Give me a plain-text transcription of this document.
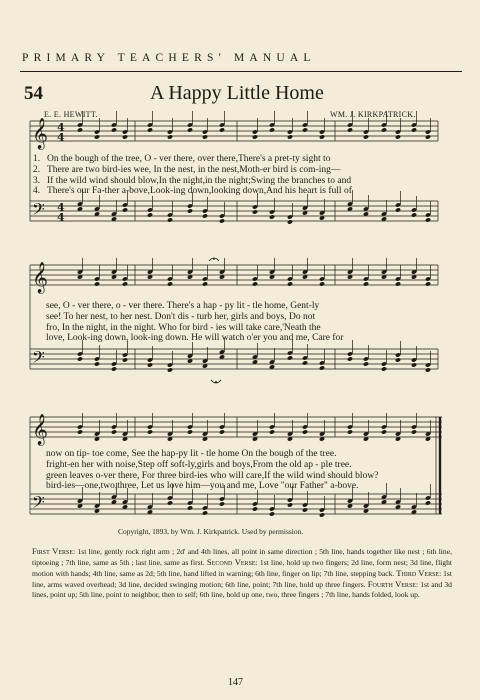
PRIMARY TEACHERS' MANUAL
54	A Happy Little Home
E. E. HEWITT.	WM. J. KIRKPATRICK.
𝄞
𝄢
4
4
4
4
𝄞
𝄢
𝄞
𝄢
1. On the bough of the tree, O - ver there, over there,There's a pret-ty sight to
2. There are two bird-ies wee, In the nest, in the nest,Moth-er bird is com-ing—
3. If the wild wind should blow,In the night,in the night;Swing the branches to and
4. There's our Fa-ther a-bove,Look-ing down,looking down,And his heart is full of
see, O - ver there, o - ver there. There's a hap - py lit - tle home, Gent-ly
see! To her nest, to her nest. Don't dis - turb her, girls and boys, Do not
fro, In the night, in the night. Who for bird - ies will take care,'Neath the
love, Look-ing down, look-ing down. He will watch o'er you and me, Care for
now on tip- toe come, See the hap-py lit - tle home On the bough of the tree.
fright-en her with noise,Step off soft-ly,girls and boys,From the old ap - ple tree.
green leaves o-ver there, For three bird-ies who will care,If the wild wind should blow?
bird-ies—one,two,three, Let us love him—you and me, Love "our Father" a-bove.
Copyright, 1893, by Wm. J. Kirkpatrick. Used by permission.
First Verse: 1st line, gently rock right arm ; 2d' and 4th lines, all point in same direction ; 5th line, hands together like nest ; 6th line, tiptoeing ; 7th line, same as 5th ; last line, same as first. Second Verse: 1st line, hold up two fingers; 2d line, form nest; 3d line, flight motion with hands; 4th line, same as 2d; 5th line, hand lifted in warning; 6th line, finger on lip; 7th line, stepping back. Third Verse: 1st line, arms waved overhead; 3d line, decided swinging motion; 6th line, point; 7th line, hold up three fingers. Fourth Verse: 1st and 3d lines, point up; 5th line, point to neighbor, then to self; 6th line, hold up one, two, three fingers ; 7th line, hands folded, look up.
147
